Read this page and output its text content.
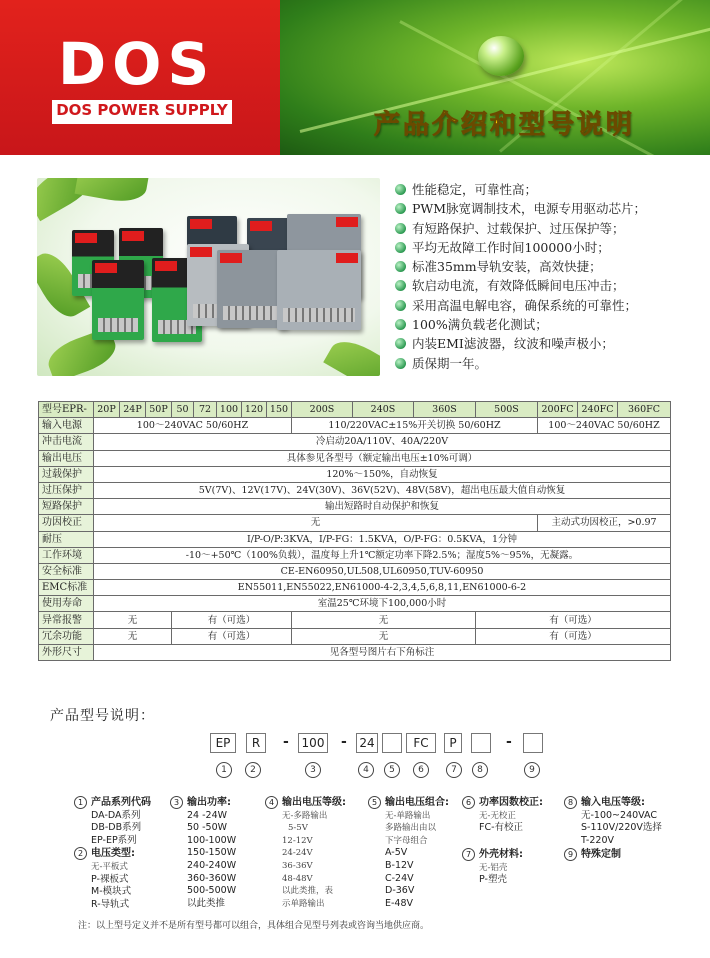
DOS
DOS POWER SUPPLY	产品介绍和型号说明
性能稳定，可靠性高；
PWM脉宽调制技术，电源专用驱动芯片；
有短路保护、过载保护、过压保护等；
平均无故障工作时间100000小时；
标准35mm导轨安装，高效快捷；
软启动电流，有效降低瞬间电压冲击；
采用高温电解电容，确保系统的可靠性；
100%满负载老化测试；
内装EMI滤波器，纹波和噪声极小；
质保期一年。
型号EPR-	20P	24P	50P	50	72	100	120	150	200S	240S	360S	500S	200FC	240FC	360FC
输入电源	100～240VAC 50/60HZ								110/220VAC±15%开关切换 50/60HZ				100～240VAC 50/60HZ		
冲击电流	冷启动20A/110V、40A/220V														
输出电压	具体参见各型号（额定输出电压±10%可调）														
过载保护	120%～150%，自动恢复														
过压保护	5V(7V)、12V(17V)、24V(30V)、36V(52V)、48V(58V)，超出电压最大值自动恢复														
短路保护	输出短路时自动保护和恢复														
功因校正	无												主动式功因校正，>0.97		
耐压	I/P-O/P:3KVA，I/P-FG：1.5KVA，O/P-FG：0.5KVA，1分钟														
工作环境	-10～+50℃（100%负载），温度每上升1℃额定功率下降2.5%；湿度5%～95%，无凝露。														
安全标准	CE-EN60950,UL508,UL60950,TUV-60950														
EMC标准	EN55011,EN55022,EN61000-4-2,3,4,5,6,8,11,EN61000-6-2														
使用寿命	室温25℃环境下100,000小时														
异常报警	无			有（可选）					无			有（可选）			
冗余功能	无			有（可选）					无			有（可选）			
外形尺寸	见各型号图片右下角标注														
产品型号说明：
EP	R	- 100 - 24	FC	P	-
1	2	3	4	5	6	7	8	9
1 产品系列代码
DA-DA系列
DB-DB系列
EP-EP系列
2 电压类型:
无-平板式
P-裸板式
M-模块式
R-导轨式
3 输出功率:
24 -24W
50 -50W
100-100W
150-150W
240-240W
360-360W
500-500W
以此类推
4 输出电压等级:
无-多路输出
5-5V
12-12V
24-24V
36-36V
48-48V
以此类推，表
示单路输出
5 输出电压组合:
无-单路输出
多路输出由以
下字母组合
A-5V
B-12V
C-24V
D-36V
E-48V
6 功率因数校正:
无-无校正
FC-有校正
7 外壳材料:
无-铝壳
P-塑壳
8 输入电压等级:
无-100~240VAC
S-110V/220V选择
T-220V
9 特殊定制
注：以上型号定义并不是所有型号都可以组合，具体组合见型号列表或咨询当地供应商。
